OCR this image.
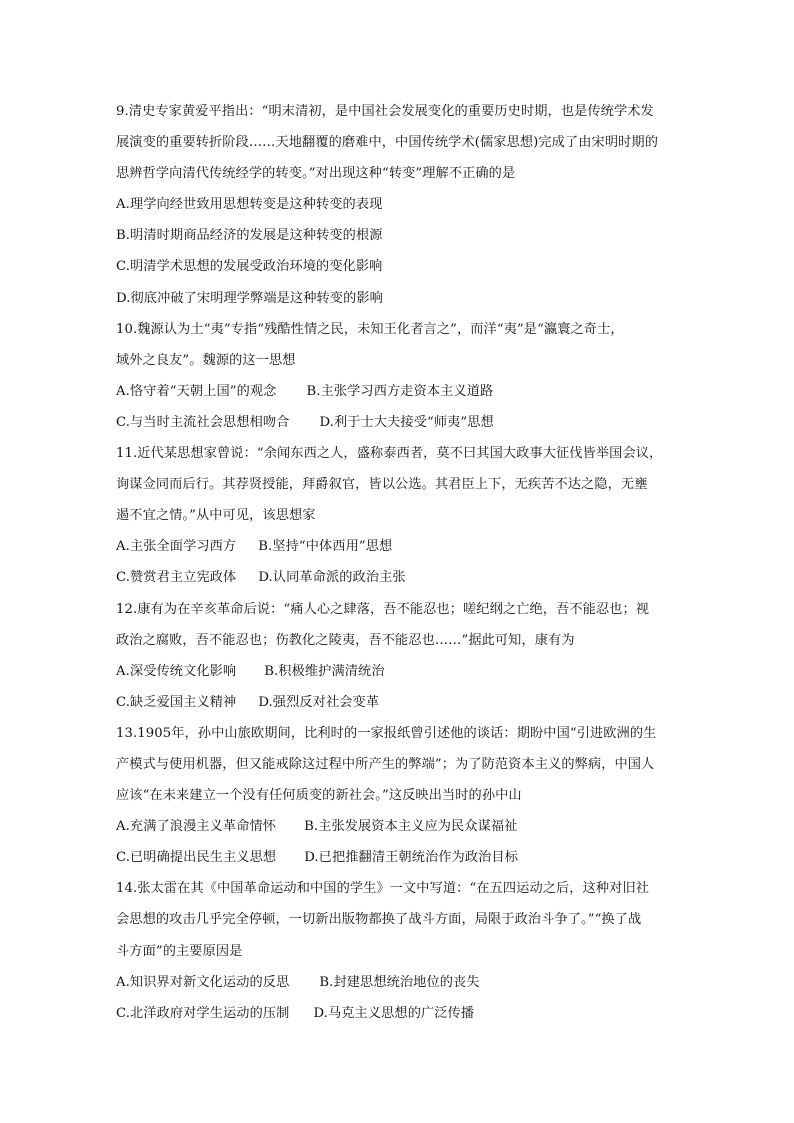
9.清史专家黄爱平指出：“明末清初，是中国社会发展变化的重要历史时期，也是传统学术发
展演变的重要转折阶段……天地翻覆的磨难中，中国传统学术(儒家思想)完成了由宋明时期的
思辨哲学向清代传统经学的转变。”对出现这种“转变”理解不正确的是
A.理学向经世致用思想转变是这种转变的表现
B.明清时期商品经济的发展是这种转变的根源
C.明清学术思想的发展受政治环境的变化影响
D.彻底冲破了宋明理学弊端是这种转变的影响
10.魏源认为土“夷”专指“残酷性情之民，未知王化者言之”，而洋“夷”是“瀛寰之奇士，
域外之良友”。魏源的这一思想
A.恪守着“天朝上国”的观念 B.主张学习西方走资本主义道路
C.与当时主流社会思想相吻合 D.利于士大夫接受“师夷”思想
11.近代某思想家曾说：“余闻东西之人，盛称泰西者，莫不曰其国大政事大征伐皆举国会议，
询谋佥同而后行。其荐贤授能，拜爵叙官，皆以公选。其君臣上下，无疾苦不达之隐，无壅
遏不宜之情。”从中可见，该思想家
A.主张全面学习西方 B.坚持“中体西用”思想
C.赞赏君主立宪政体 D.认同革命派的政治主张
12.康有为在辛亥革命后说：“痛人心之肆落，吾不能忍也；嗟纪纲之亡绝，吾不能忍也；视
政治之腐败，吾不能忍也；伤教化之陵夷，吾不能忍也……”据此可知，康有为
A.深受传统文化影响 B.积极维护满清统治
C.缺乏爱国主义精神 D.强烈反对社会变革
13.1905年，孙中山旅欧期间，比利时的一家报纸曾引述他的谈话：期盼中国“引进欧洲的生
产模式与使用机器，但又能戒除这过程中所产生的弊端”；为了防范资本主义的弊病，中国人
应该“在未来建立一个没有任何质变的新社会。”这反映出当时的孙中山
A.充满了浪漫主义革命情怀 B.主张发展资本主义应为民众谋福祉
C.已明确提出民生主义思想 D.已把推翻清王朝统治作为政治目标
14.张太雷在其《中国革命运动和中国的学生》一文中写道：“在五四运动之后，这种对旧社
会思想的攻击几乎完全停顿，一切新出版物都换了战斗方面，局限于政治斗争了。”“换了战
斗方面”的主要原因是
A.知识界对新文化运动的反思 B.封建思想统治地位的丧失
C.北洋政府对学生运动的压制 D.马克主义思想的广泛传播
